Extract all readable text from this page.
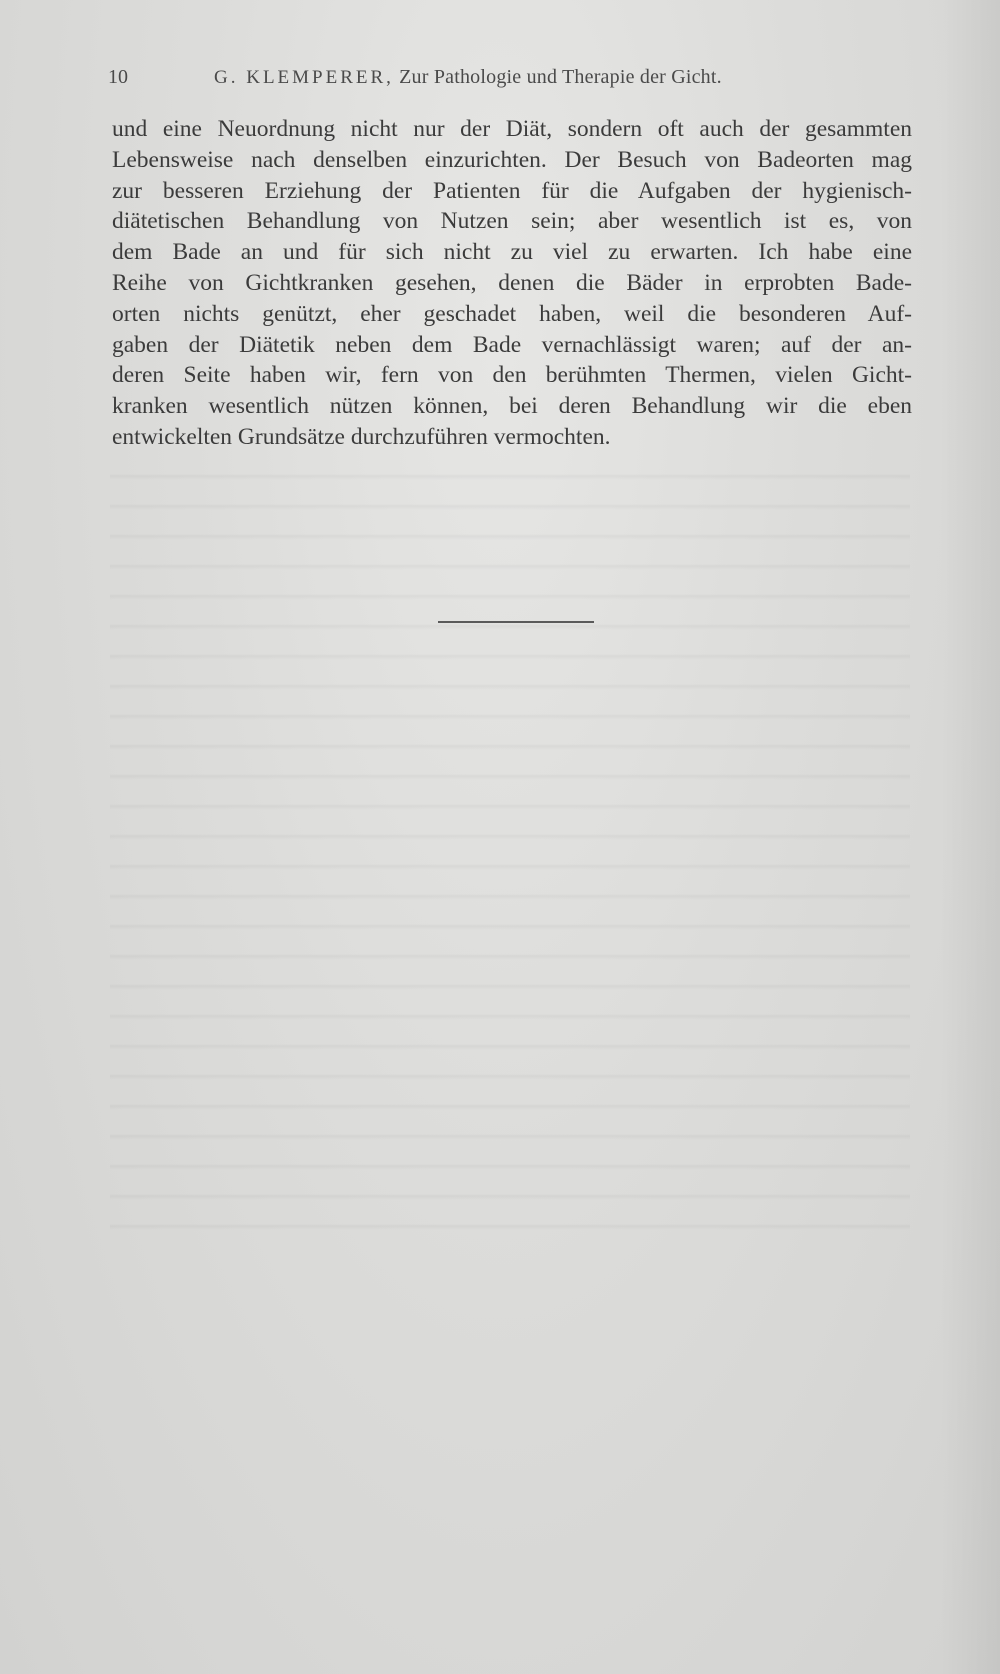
10	G. KLEMPERER, Zur Pathologie und Therapie der Gicht.
und eine Neuordnung nicht nur der Diät, sondern oft auch der gesammten
Lebensweise nach denselben einzurichten. Der Besuch von Badeorten mag
zur besseren Erziehung der Patienten für die Aufgaben der hygienisch-
diätetischen Behandlung von Nutzen sein; aber wesentlich ist es, von
dem Bade an und für sich nicht zu viel zu erwarten. Ich habe eine
Reihe von Gichtkranken gesehen, denen die Bäder in erprobten Bade-
orten nichts genützt, eher geschadet haben, weil die besonderen Auf-
gaben der Diätetik neben dem Bade vernachlässigt waren; auf der an-
deren Seite haben wir, fern von den berühmten Thermen, vielen Gicht-
kranken wesentlich nützen können, bei deren Behandlung wir die eben
entwickelten Grundsätze durchzuführen vermochten.
